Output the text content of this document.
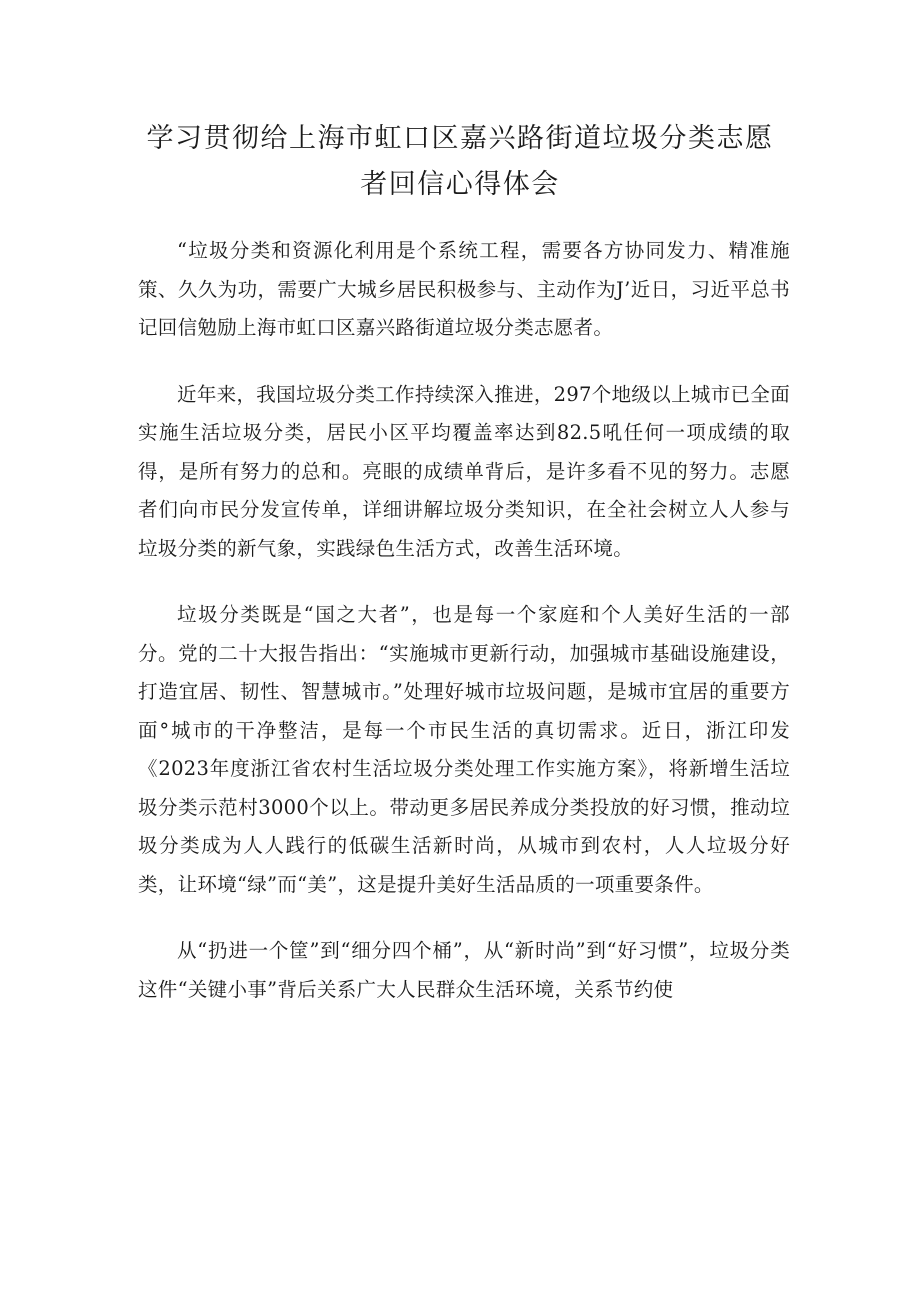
学习贯彻给上海市虹口区嘉兴路街道垃圾分类志愿
者回信心得体会

“垃圾分类和资源化利用是个系统工程，需要各方协同发力、精准施策、久久为功，需要广大城乡居民积极参与、主动作为J’近日，习近平总书记回信勉励上海市虹口区嘉兴路街道垃圾分类志愿者。

近年来，我国垃圾分类工作持续深入推进，297个地级以上城市已全面实施生活垃圾分类，居民小区平均覆盖率达到82.5吼任何一项成绩的取得，是所有努力的总和。亮眼的成绩单背后，是许多看不见的努力。志愿者们向市民分发宣传单，详细讲解垃圾分类知识，在全社会树立人人参与垃圾分类的新气象，实践绿色生活方式，改善生活环境。

垃圾分类既是“国之大者”，也是每一个家庭和个人美好生活的一部分。党的二十大报告指出：“实施城市更新行动，加强城市基础设施建设，打造宜居、韧性、智慧城市。”处理好城市垃圾问题，是城市宜居的重要方面°城市的干净整洁，是每一个市民生活的真切需求。近日，浙江印发《2023年度浙江省农村生活垃圾分类处理工作实施方案》，将新增生活垃圾分类示范村3000个以上。带动更多居民养成分类投放的好习惯，推动垃圾分类成为人人践行的低碳生活新时尚，从城市到农村，人人垃圾分好类，让环境“绿”而“美”，这是提升美好生活品质的一项重要条件。

从“扔进一个筐”到“细分四个桶”，从“新时尚”到“好习惯”，垃圾分类这件“关键小事”背后关系广大人民群众生活环境，关系节约使
